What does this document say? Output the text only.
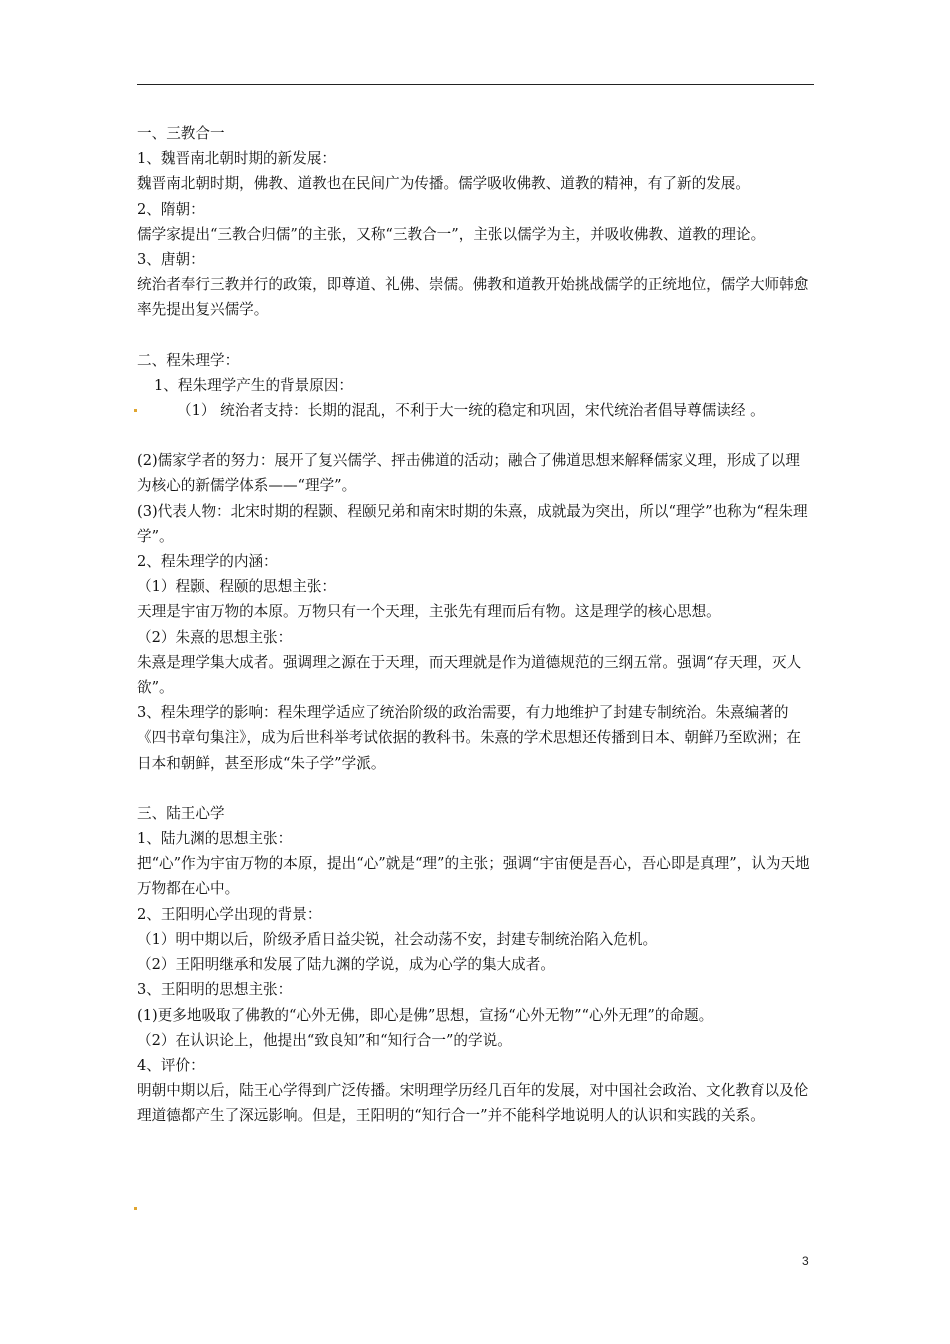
一、三教合一
1、魏晋南北朝时期的新发展：
魏晋南北朝时期，佛教、道教也在民间广为传播。儒学吸收佛教、道教的精神，有了新的发展。
2、隋朝：
儒学家提出“三教合归儒”的主张，又称“三教合一”，主张以儒学为主，并吸收佛教、道教的理论。
3、唐朝：
统治者奉行三教并行的政策，即尊道、礼佛、崇儒。佛教和道教开始挑战儒学的正统地位，儒学大师韩愈率先提出复兴儒学。
二、程朱理学：
1、程朱理学产生的背景原因：
（1） 统治者支持：长期的混乱，不利于大一统的稳定和巩固，宋代统治者倡导尊儒读经 。
(2)儒家学者的努力：展开了复兴儒学、抨击佛道的活动；融合了佛道思想来解释儒家义理，形成了以理为核心的新儒学体系——“理学”。
(3)代表人物：北宋时期的程颢、程颐兄弟和南宋时期的朱熹，成就最为突出，所以“理学”也称为“程朱理学”。
2、程朱理学的内涵：
（1）程颢、程颐的思想主张：
天理是宇宙万物的本原。万物只有一个天理，主张先有理而后有物。这是理学的核心思想。
（2）朱熹的思想主张：
朱熹是理学集大成者。强调理之源在于天理，而天理就是作为道德规范的三纲五常。强调“存天理，灭人欲”。
3、程朱理学的影响：程朱理学适应了统治阶级的政治需要，有力地维护了封建专制统治。朱熹编著的《四书章句集注》，成为后世科举考试依据的教科书。朱熹的学术思想还传播到日本、朝鲜乃至欧洲；在日本和朝鲜，甚至形成“朱子学”学派。
三、陆王心学
1、陆九渊的思想主张：
把“心”作为宇宙万物的本原，提出“心”就是“理”的主张；强调“宇宙便是吾心，吾心即是真理”，认为天地万物都在心中。
2、王阳明心学出现的背景：
（1）明中期以后，阶级矛盾日益尖锐，社会动荡不安，封建专制统治陷入危机。
（2）王阳明继承和发展了陆九渊的学说，成为心学的集大成者。
3、王阳明的思想主张：
(1)更多地吸取了佛教的“心外无佛，即心是佛”思想，宣扬“心外无物”“心外无理”的命题。
（2）在认识论上，他提出“致良知”和“知行合一”的学说。
4、评价：
明朝中期以后，陆王心学得到广泛传播。宋明理学历经几百年的发展，对中国社会政治、文化教育以及伦理道德都产生了深远影响。但是，王阳明的“知行合一”并不能科学地说明人的认识和实践的关系。
3
